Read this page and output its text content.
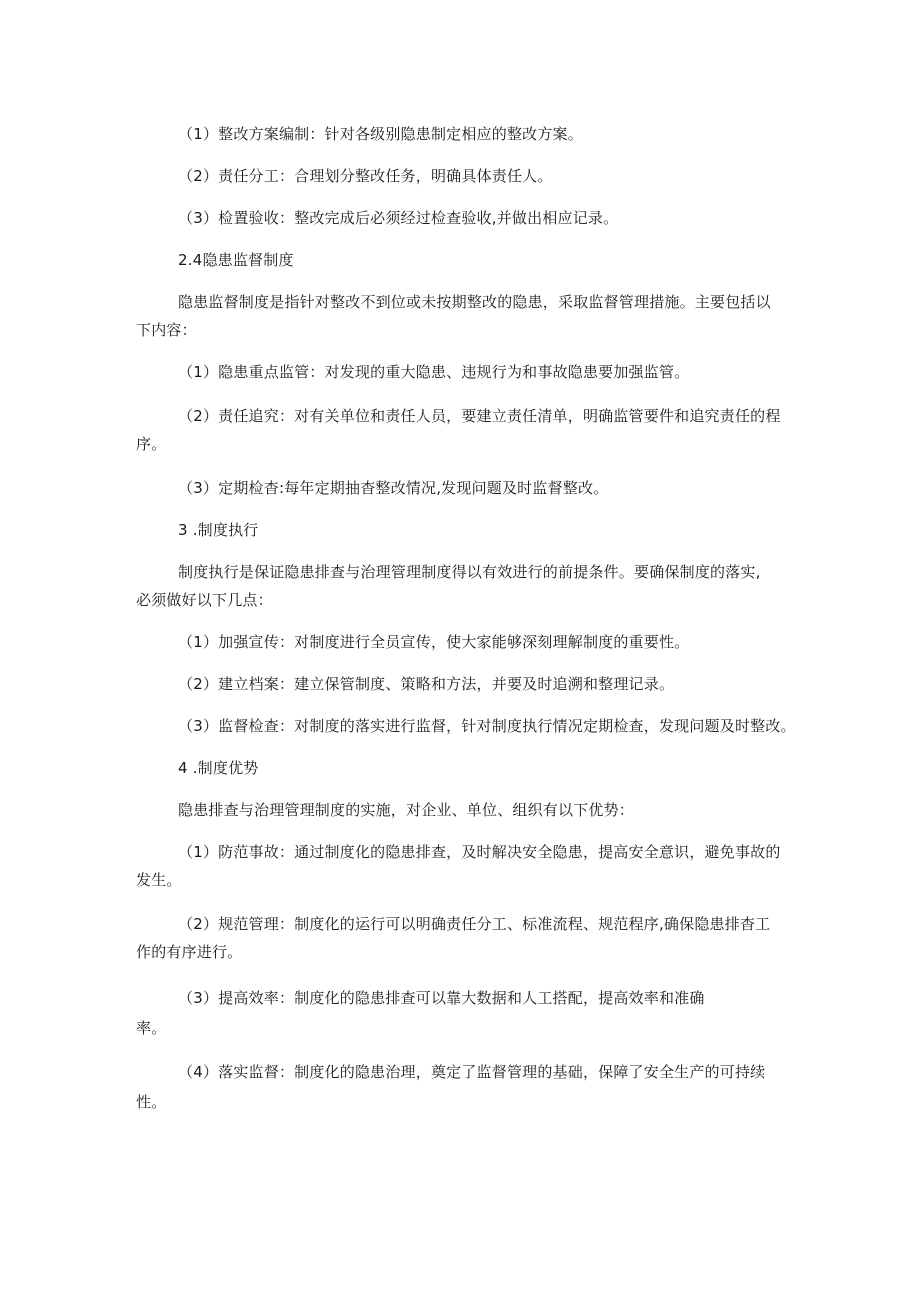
（1）整改方案编制：针对各级别隐患制定相应的整改方案。
（2）责任分工：合理划分整改任务，明确具体责任人。
（3）检置验收：整改完成后必须经过检查验收,并做出相应记录。
2.4隐患监督制度
隐患监督制度是指针对整改不到位或未按期整改的隐患，采取监督管理措施。主要包括以
下内容：
（1）隐患重点监管：对发现的重大隐患、违规行为和事故隐患要加强监管。
（2）责任追究：对有关单位和责任人员，要建立责任清单，明确监管要件和追究责任的程
序。
（3）定期检杳:每年定期抽杳整改情况,发现问题及时监督整改。
3 .制度执行
制度执行是保证隐患排查与治理管理制度得以有效进行的前提条件。要确保制度的落实,
必须做好以下几点：
（1）加强宣传：对制度进行全员宣传，使大家能够深刻理解制度的重要性。
（2）建立档案：建立保管制度、策略和方法，并要及时追溯和整理记录。
（3）监督检查：对制度的落实进行监督，针对制度执行情况定期检查，发现问题及时整改。
4 .制度优势
隐患排查与治理管理制度的实施，对企业、单位、组织有以下优势：
（1）防范事故：通过制度化的隐患排查，及时解决安全隐患，提高安全意识，避免事故的
发生。
（2）规范管理：制度化的运行可以明确责任分工、标准流程、规范程序,确保隐患排杳工
作的有序进行。
（3）提高效率：制度化的隐患排查可以靠大数据和人工搭配，提高效率和准确
率。
（4）落实监督：制度化的隐患治理，奠定了监督管理的基础，保障了安全生产的可持续
性。
